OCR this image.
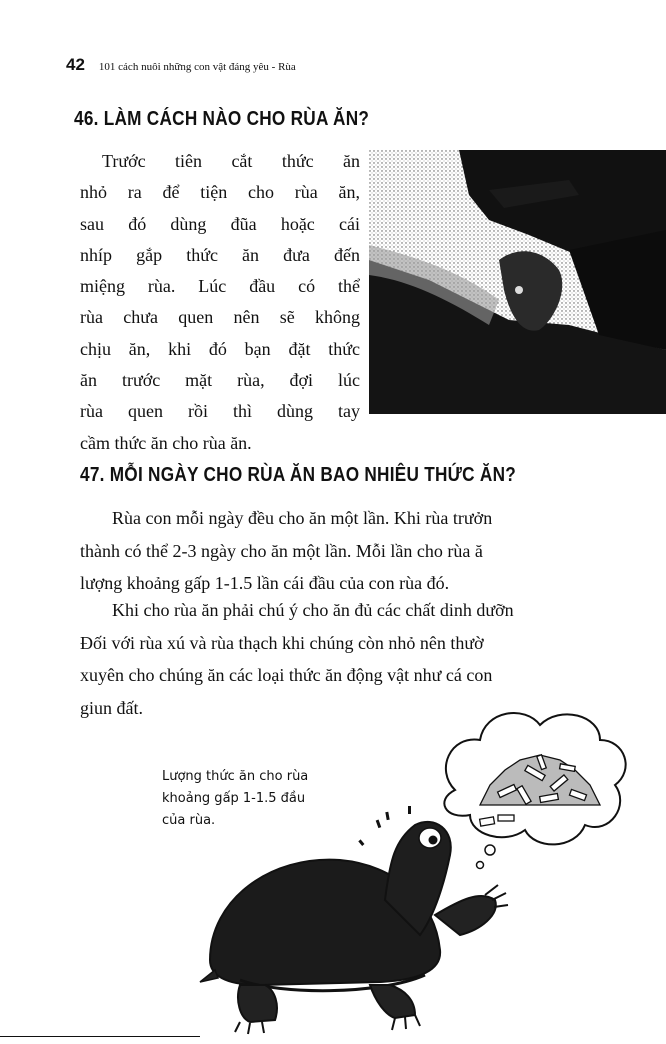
42 101 cách nuôi những con vật đáng yêu - Rùa
46. LÀM CÁCH NÀO CHO RÙA ĂN?
Trước tiên cắt thức ăn
nhỏ ra để tiện cho rùa ăn,
sau đó dùng đũa hoặc cái
nhíp gắp thức ăn đưa đến
miệng rùa. Lúc đầu có thể
rùa chưa quen nên sẽ không
chịu ăn, khi đó bạn đặt thức
ăn trước mặt rùa, đợi lúc
rùa quen rồi thì dùng tay
cầm thức ăn cho rùa ăn.
47. MỖI NGÀY CHO RÙA ĂN BAO NHIÊU THỨC ĂN?
Rùa con mỗi ngày đều cho ăn một lần. Khi rùa trưởn
thành có thể 2-3 ngày cho ăn một lần. Mỗi lần cho rùa ă
lượng khoảng gấp 1-1.5 lần cái đầu của con rùa đó.
Khi cho rùa ăn phải chú ý cho ăn đủ các chất dinh dưỡn
Đối với rùa xú và rùa thạch khi chúng còn nhỏ nên thườ
xuyên cho chúng ăn các loại thức ăn động vật như cá con
giun đất.
Lượng thức ăn cho rùa
khoảng gấp 1-1.5 đầu
của rùa.
